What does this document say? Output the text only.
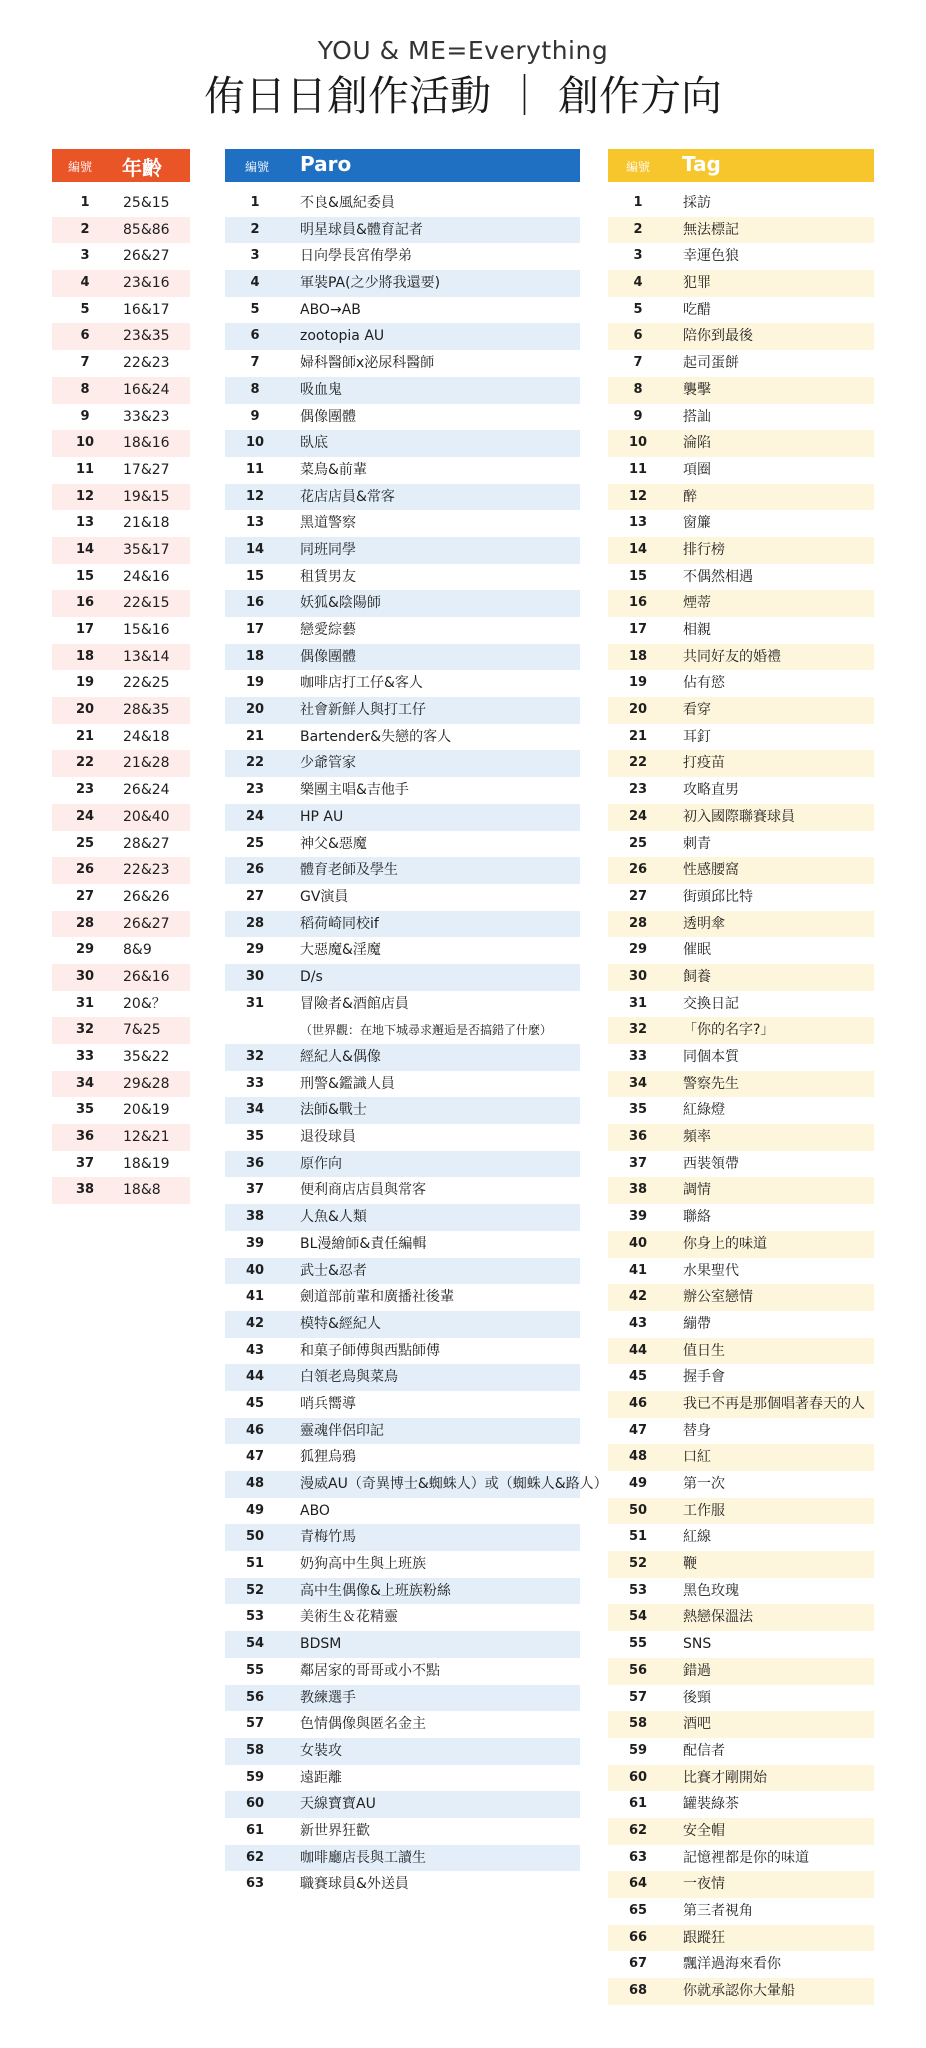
YOU & ME=Everything
侑日日創作活動 ｜ 創作方向
編號 年齡
1	25&15
2	85&86
3	26&27
4	23&16
5	16&17
6	23&35
7	22&23
8	16&24
9	33&23
10	18&16
11	17&27
12	19&15
13	21&18
14	35&17
15	24&16
16	22&15
17	15&16
18	13&14
19	22&25
20	28&35
21	24&18
22	21&28
23	26&24
24	20&40
25	28&27
26	22&23
27	26&26
28	26&27
29	8&9
30	26&16
31	20&？
32	7&25
33	35&22
34	29&28
35	20&19
36	12&21
37	18&19
38	18&8
編號 Paro
1	不良&風紀委員
2	明星球員&體育記者
3	日向學長宮侑學弟
4	軍裝PA(之少將我還要)
5	ABO→AB
6	zootopia AU
7	婦科醫師x泌尿科醫師
8	吸血鬼
9	偶像團體
10	臥底
11	菜鳥&前輩
12	花店店員&常客
13	黑道警察
14	同班同學
15	租賃男友
16	妖狐&陰陽師
17	戀愛綜藝
18	偶像團體
19	咖啡店打工仔&客人
20	社會新鮮人與打工仔
21	Bartender&失戀的客人
22	少爺管家
23	樂團主唱&吉他手
24	HP AU
25	神父&惡魔
26	體育老師及學生
27	GV演員
28	稻荷崎同校if
29	大惡魔&淫魔
30	D/s
31	冒險者&酒館店員
（世界觀：在地下城尋求邂逅是否搞錯了什麼）
32	經紀人&偶像
33	刑警&鑑識人員
34	法師&戰士
35	退役球員
36	原作向
37	便利商店店員與常客
38	人魚&人類
39	BL漫繪師&責任編輯
40	武士&忍者
41	劍道部前輩和廣播社後輩
42	模特&經紀人
43	和菓子師傅與西點師傅
44	白領老鳥與菜鳥
45	哨兵嚮導
46	靈魂伴侶印記
47	狐狸烏鴉
48	漫威AU（奇異博士&蜘蛛人）或（蜘蛛人&路人）
49	ABO
50	青梅竹馬
51	奶狗高中生與上班族
52	高中生偶像&上班族粉絲
53	美術生＆花精靈
54	BDSM
55	鄰居家的哥哥或小不點
56	教練選手
57	色情偶像與匿名金主
58	女裝攻
59	遠距離
60	天線寶寶AU
61	新世界狂歡
62	咖啡廳店長與工讀生
63	職賽球員&外送員
編號 Tag
1	採訪
2	無法標記
3	幸運色狼
4	犯罪
5	吃醋
6	陪你到最後
7	起司蛋餅
8	襲擊
9	搭訕
10	淪陷
11	項圈
12	醉
13	窗簾
14	排行榜
15	不偶然相遇
16	煙蒂
17	相親
18	共同好友的婚禮
19	佔有慾
20	看穿
21	耳釘
22	打疫苗
23	攻略直男
24	初入國際聯賽球員
25	刺青
26	性感腰窩
27	街頭邱比特
28	透明傘
29	催眠
30	飼養
31	交換日記
32	「你的名字?」
33	同個本質
34	警察先生
35	紅綠燈
36	頻率
37	西裝領帶
38	調情
39	聯絡
40	你身上的味道
41	水果聖代
42	辦公室戀情
43	繃帶
44	值日生
45	握手會
46	我已不再是那個唱著春天的人
47	替身
48	口紅
49	第一次
50	工作服
51	紅線
52	鞭
53	黑色玫瑰
54	熱戀保溫法
55	SNS
56	錯過
57	後頸
58	酒吧
59	配信者
60	比賽才剛開始
61	罐裝綠茶
62	安全帽
63	記憶裡都是你的味道
64	一夜情
65	第三者視角
66	跟蹤狂
67	飄洋過海來看你
68	你就承認你大暈船
